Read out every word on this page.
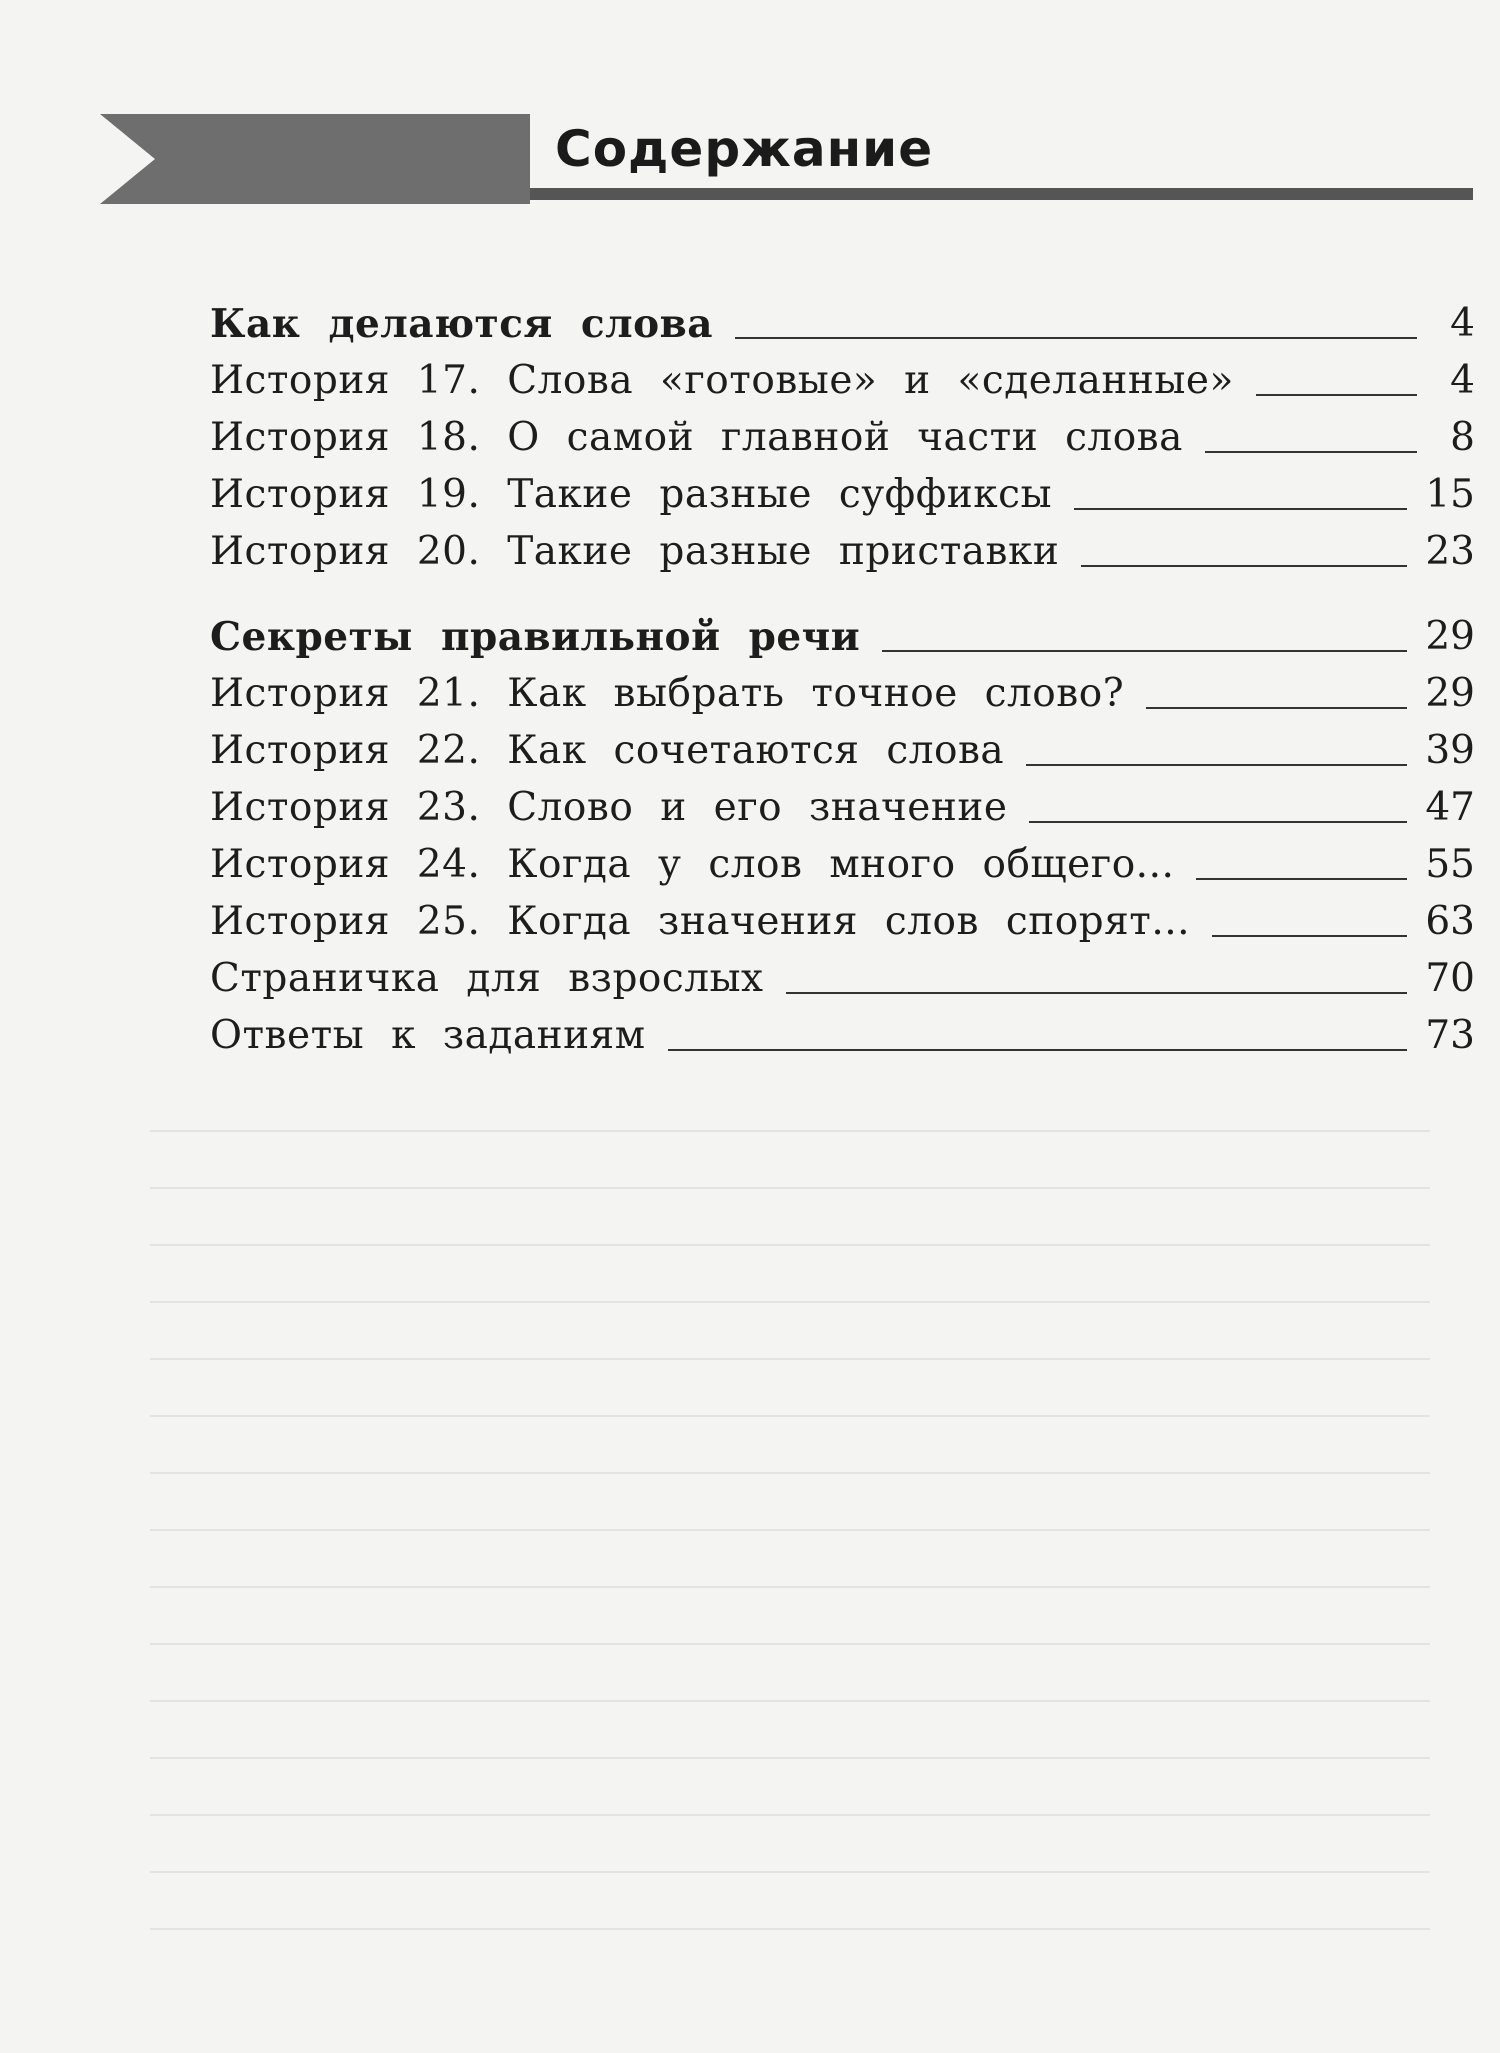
Содержание
Как делаются слова	4
История 17. Слова «готовые» и «сделанные»	4
История 18. О самой главной части слова	8
История 19. Такие разные суффиксы	15
История 20. Такие разные приставки	23
Секреты правильной речи	29
История 21. Как выбрать точное слово?	29
История 22. Как сочетаются слова	39
История 23. Слово и его значение	47
История 24. Когда у слов много общего...	55
История 25. Когда значения слов спорят...	63
Страничка для взрослых	70
Ответы к заданиям	73
